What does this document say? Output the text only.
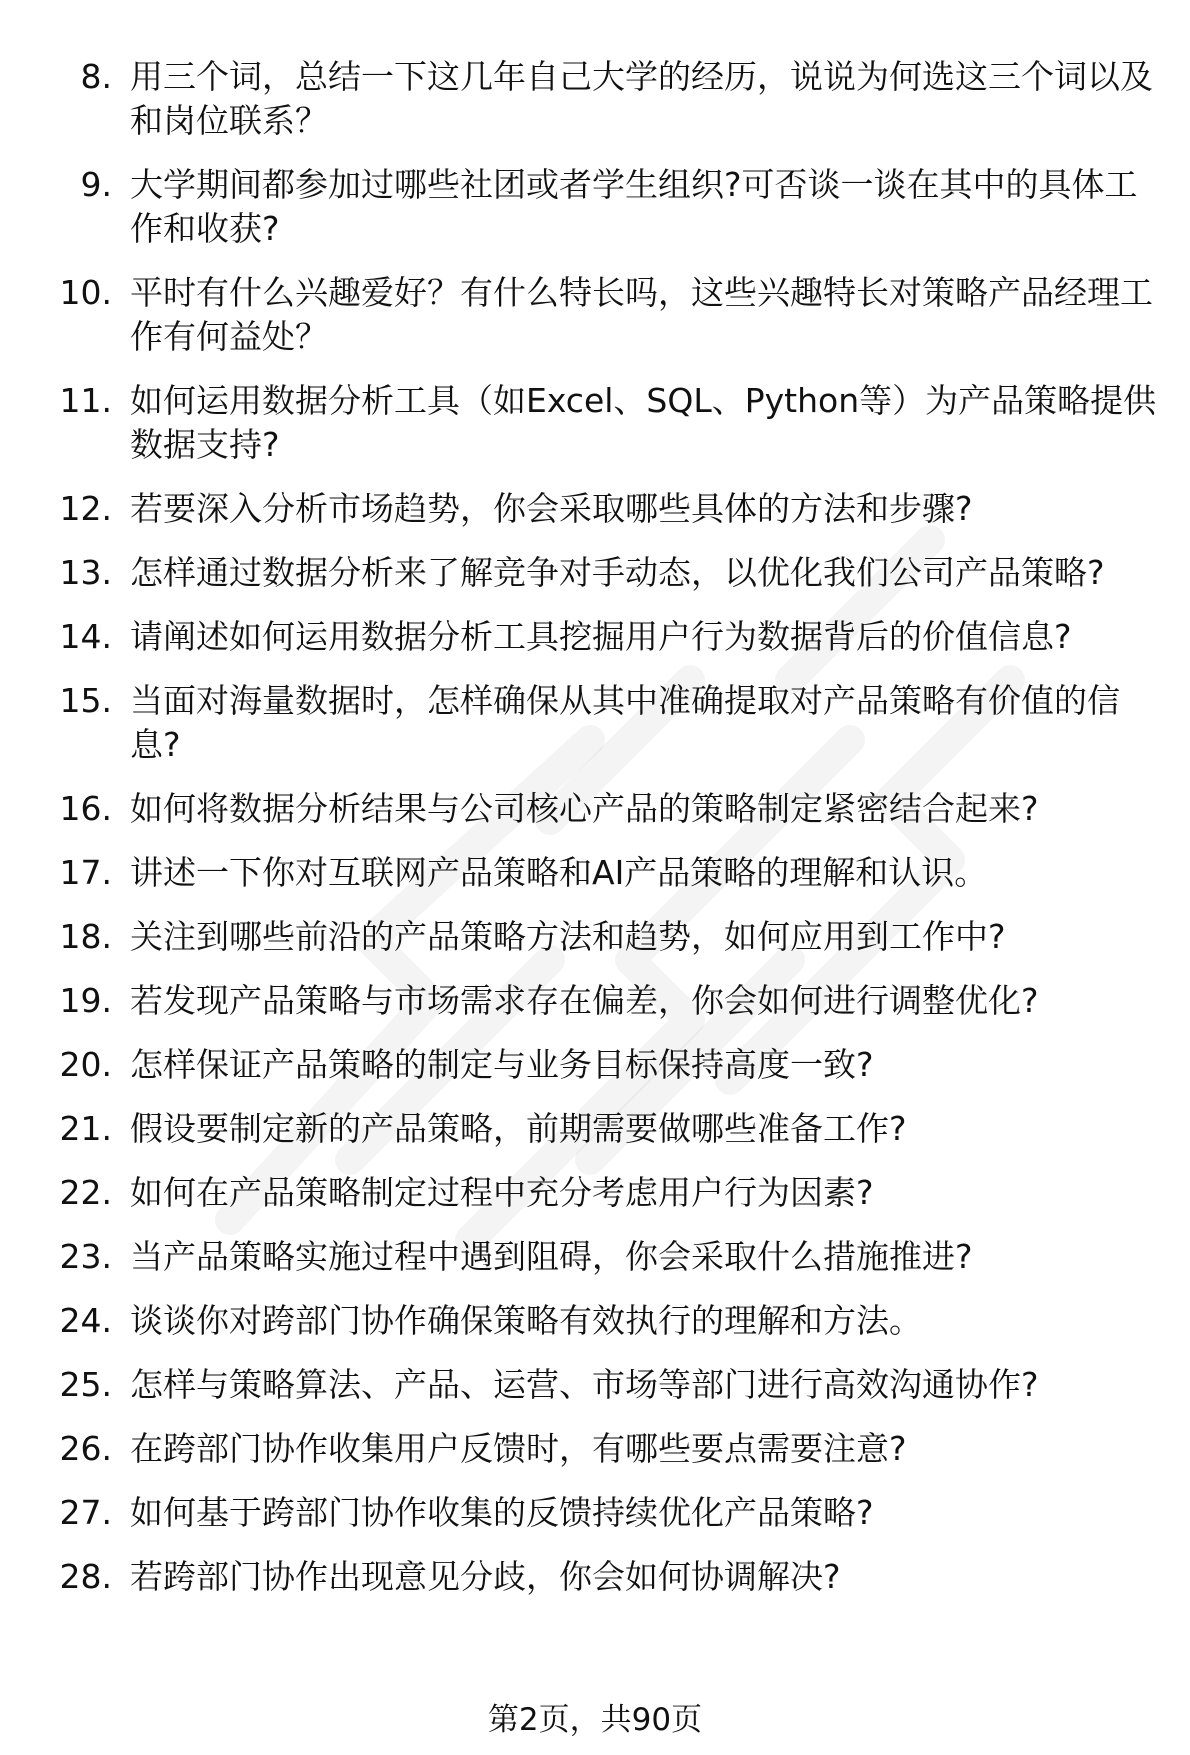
8. 用三个词，总结一下这几年自己大学的经历，说说为何选这三个词以及和岗位联系？
9. 大学期间都参加过哪些社团或者学生组织?可否谈一谈在其中的具体工作和收获?
10. 平时有什么兴趣爱好？有什么特长吗，这些兴趣特长对策略产品经理工作有何益处？
11. 如何运用数据分析工具（如Excel、SQL、Python等）为产品策略提供数据支持?
12. 若要深入分析市场趋势，你会采取哪些具体的方法和步骤?
13. 怎样通过数据分析来了解竞争对手动态，以优化我们公司产品策略?
14. 请阐述如何运用数据分析工具挖掘用户行为数据背后的价值信息?
15. 当面对海量数据时，怎样确保从其中准确提取对产品策略有价值的信息?
16. 如何将数据分析结果与公司核心产品的策略制定紧密结合起来?
17. 讲述一下你对互联网产品策略和AI产品策略的理解和认识。
18. 关注到哪些前沿的产品策略方法和趋势，如何应用到工作中?
19. 若发现产品策略与市场需求存在偏差，你会如何进行调整优化?
20. 怎样保证产品策略的制定与业务目标保持高度一致?
21. 假设要制定新的产品策略，前期需要做哪些准备工作?
22. 如何在产品策略制定过程中充分考虑用户行为因素?
23. 当产品策略实施过程中遇到阻碍，你会采取什么措施推进?
24. 谈谈你对跨部门协作确保策略有效执行的理解和方法。
25. 怎样与策略算法、产品、运营、市场等部门进行高效沟通协作?
26. 在跨部门协作收集用户反馈时，有哪些要点需要注意?
27. 如何基于跨部门协作收集的反馈持续优化产品策略?
28. 若跨部门协作出现意见分歧，你会如何协调解决?
第2页，共90页
